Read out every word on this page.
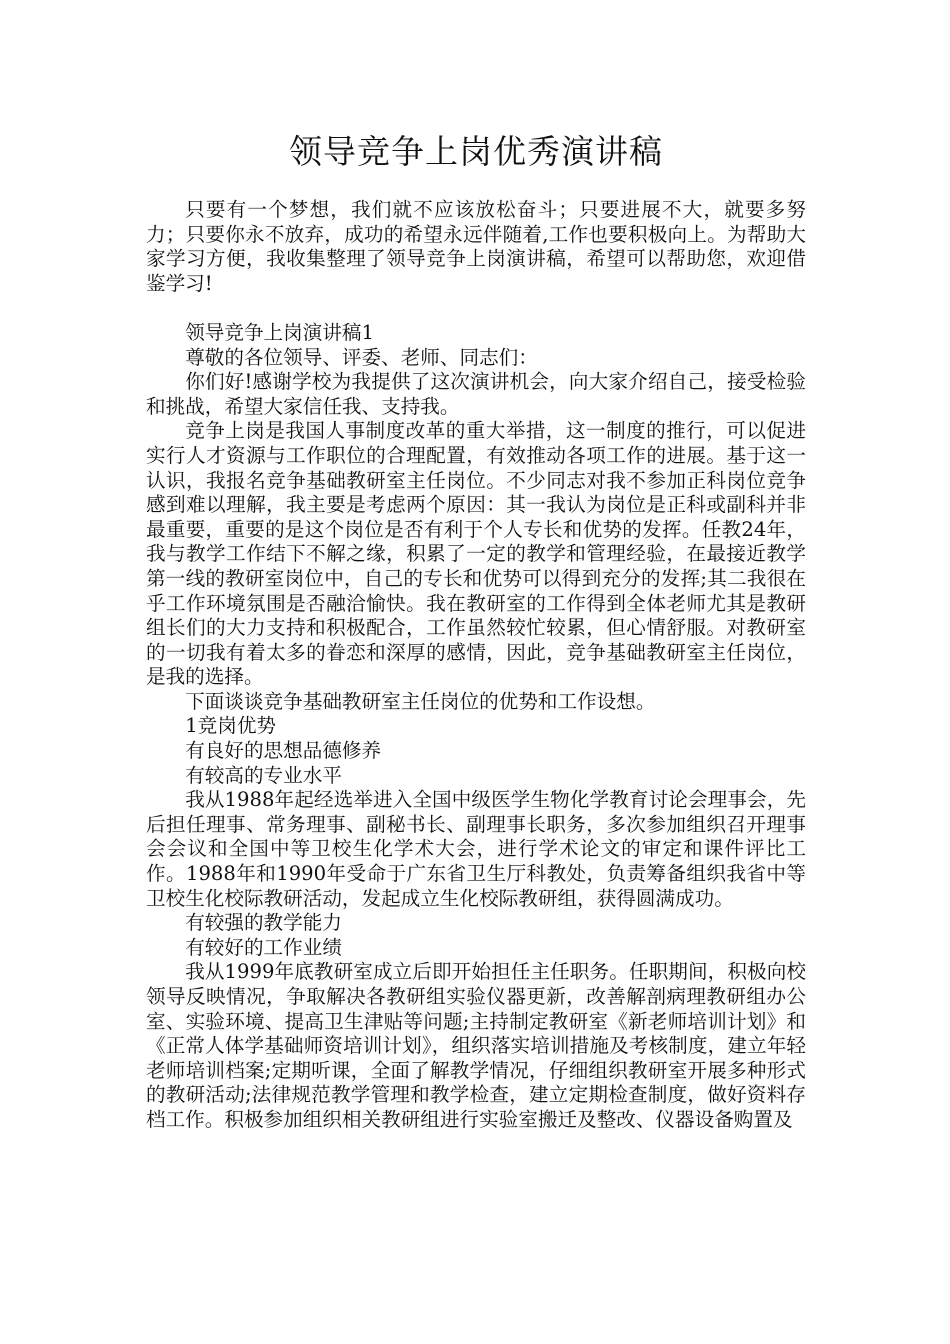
领导竞争上岗优秀演讲稿

只要有一个梦想，我们就不应该放松奋斗；只要进展不大，就要多努力；只要你永不放弃，成功的希望永远伴随着,工作也要积极向上。为帮助大家学习方便，我收集整理了领导竞争上岗演讲稿，希望可以帮助您，欢迎借鉴学习!

领导竞争上岗演讲稿1

尊敬的各位领导、评委、老师、同志们：

你们好!感谢学校为我提供了这次演讲机会，向大家介绍自己，接受检验和挑战，希望大家信任我、支持我。

竞争上岗是我国人事制度改革的重大举措，这一制度的推行，可以促进实行人才资源与工作职位的合理配置，有效推动各项工作的进展。基于这一认识，我报名竞争基础教研室主任岗位。不少同志对我不参加正科岗位竞争感到难以理解，我主要是考虑两个原因：其一我认为岗位是正科或副科并非最重要，重要的是这个岗位是否有利于个人专长和优势的发挥。任教24年，我与教学工作结下不解之缘，积累了一定的教学和管理经验，在最接近教学第一线的教研室岗位中，自己的专长和优势可以得到充分的发挥;其二我很在乎工作环境氛围是否融洽愉快。我在教研室的工作得到全体老师尤其是教研组长们的大力支持和积极配合，工作虽然较忙较累，但心情舒服。对教研室的一切我有着太多的眷恋和深厚的感情，因此，竞争基础教研室主任岗位，是我的选择。

下面谈谈竞争基础教研室主任岗位的优势和工作设想。

1竞岗优势

有良好的思想品德修养

有较高的专业水平

我从1988年起经选举进入全国中级医学生物化学教育讨论会理事会，先后担任理事、常务理事、副秘书长、副理事长职务，多次参加组织召开理事会会议和全国中等卫校生化学术大会，进行学术论文的审定和课件评比工作。1988年和1990年受命于广东省卫生厅科教处，负责筹备组织我省中等卫校生化校际教研活动，发起成立生化校际教研组，获得圆满成功。

有较强的教学能力

有较好的工作业绩

我从1999年底教研室成立后即开始担任主任职务。任职期间，积极向校领导反映情况，争取解决各教研组实验仪器更新，改善解剖病理教研组办公室、实验环境、提高卫生津贴等问题;主持制定教研室《新老师培训计划》和《正常人体学基础师资培训计划》，组织落实培训措施及考核制度，建立年轻老师培训档案;定期听课，全面了解教学情况，仔细组织教研室开展多种形式的教研活动;法律规范教学管理和教学检查，建立定期检查制度，做好资料存档工作。积极参加组织相关教研组进行实验室搬迁及整改、仪器设备购置及
